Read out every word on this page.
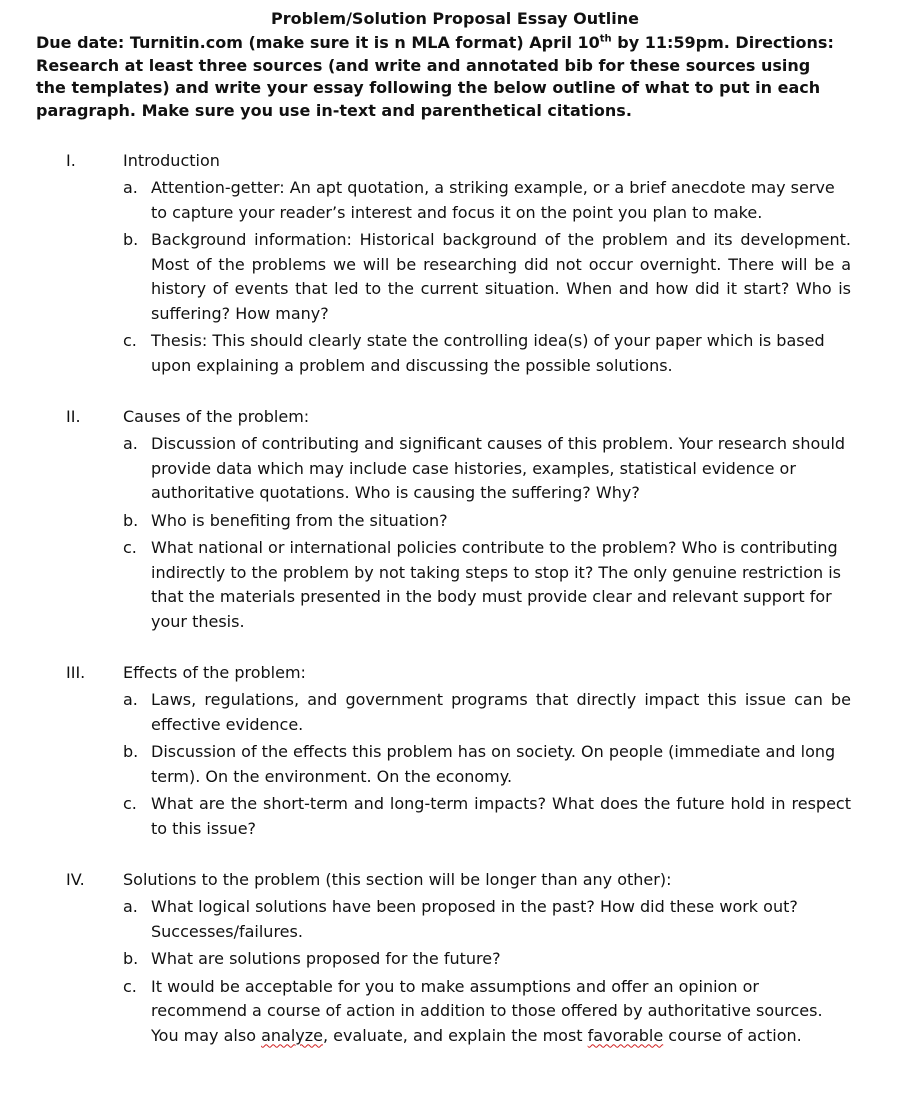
Problem/Solution Proposal Essay Outline
Due date: Turnitin.com (make sure it is n MLA format) April 10th by 11:59pm. Directions: Research at least three sources (and write and annotated bib for these sources using the templates) and write your essay following the below outline of what to put in each paragraph. Make sure you use in-text and parenthetical citations.
I.	Introduction
a. Attention-getter: An apt quotation, a striking example, or a brief anecdote may serve to capture your reader’s interest and focus it on the point you plan to make.
b. Background information: Historical background of the problem and its development. Most of the problems we will be researching did not occur overnight. There will be a history of events that led to the current situation. When and how did it start? Who is suffering? How many?
c. Thesis: This should clearly state the controlling idea(s) of your paper which is based upon explaining a problem and discussing the possible solutions.
II.	Causes of the problem:
a. Discussion of contributing and significant causes of this problem. Your research should provide data which may include case histories, examples, statistical evidence or authoritative quotations. Who is causing the suffering? Why?
b. Who is benefiting from the situation?
c. What national or international policies contribute to the problem? Who is contributing indirectly to the problem by not taking steps to stop it? The only genuine restriction is that the materials presented in the body must provide clear and relevant support for your thesis.
III. Effects of the problem:
a. Laws, regulations, and government programs that directly impact this issue can be effective evidence.
b. Discussion of the effects this problem has on society. On people (immediate and long term). On the environment. On the economy.
c. What are the short-term and long-term impacts? What does the future hold in respect to this issue?
IV. Solutions to the problem (this section will be longer than any other):
a. What logical solutions have been proposed in the past? How did these work out? Successes/failures.
b. What are solutions proposed for the future?
c. It would be acceptable for you to make assumptions and offer an opinion or recommend a course of action in addition to those offered by authoritative sources. You may also analyze, evaluate, and explain the most favorable course of action.
